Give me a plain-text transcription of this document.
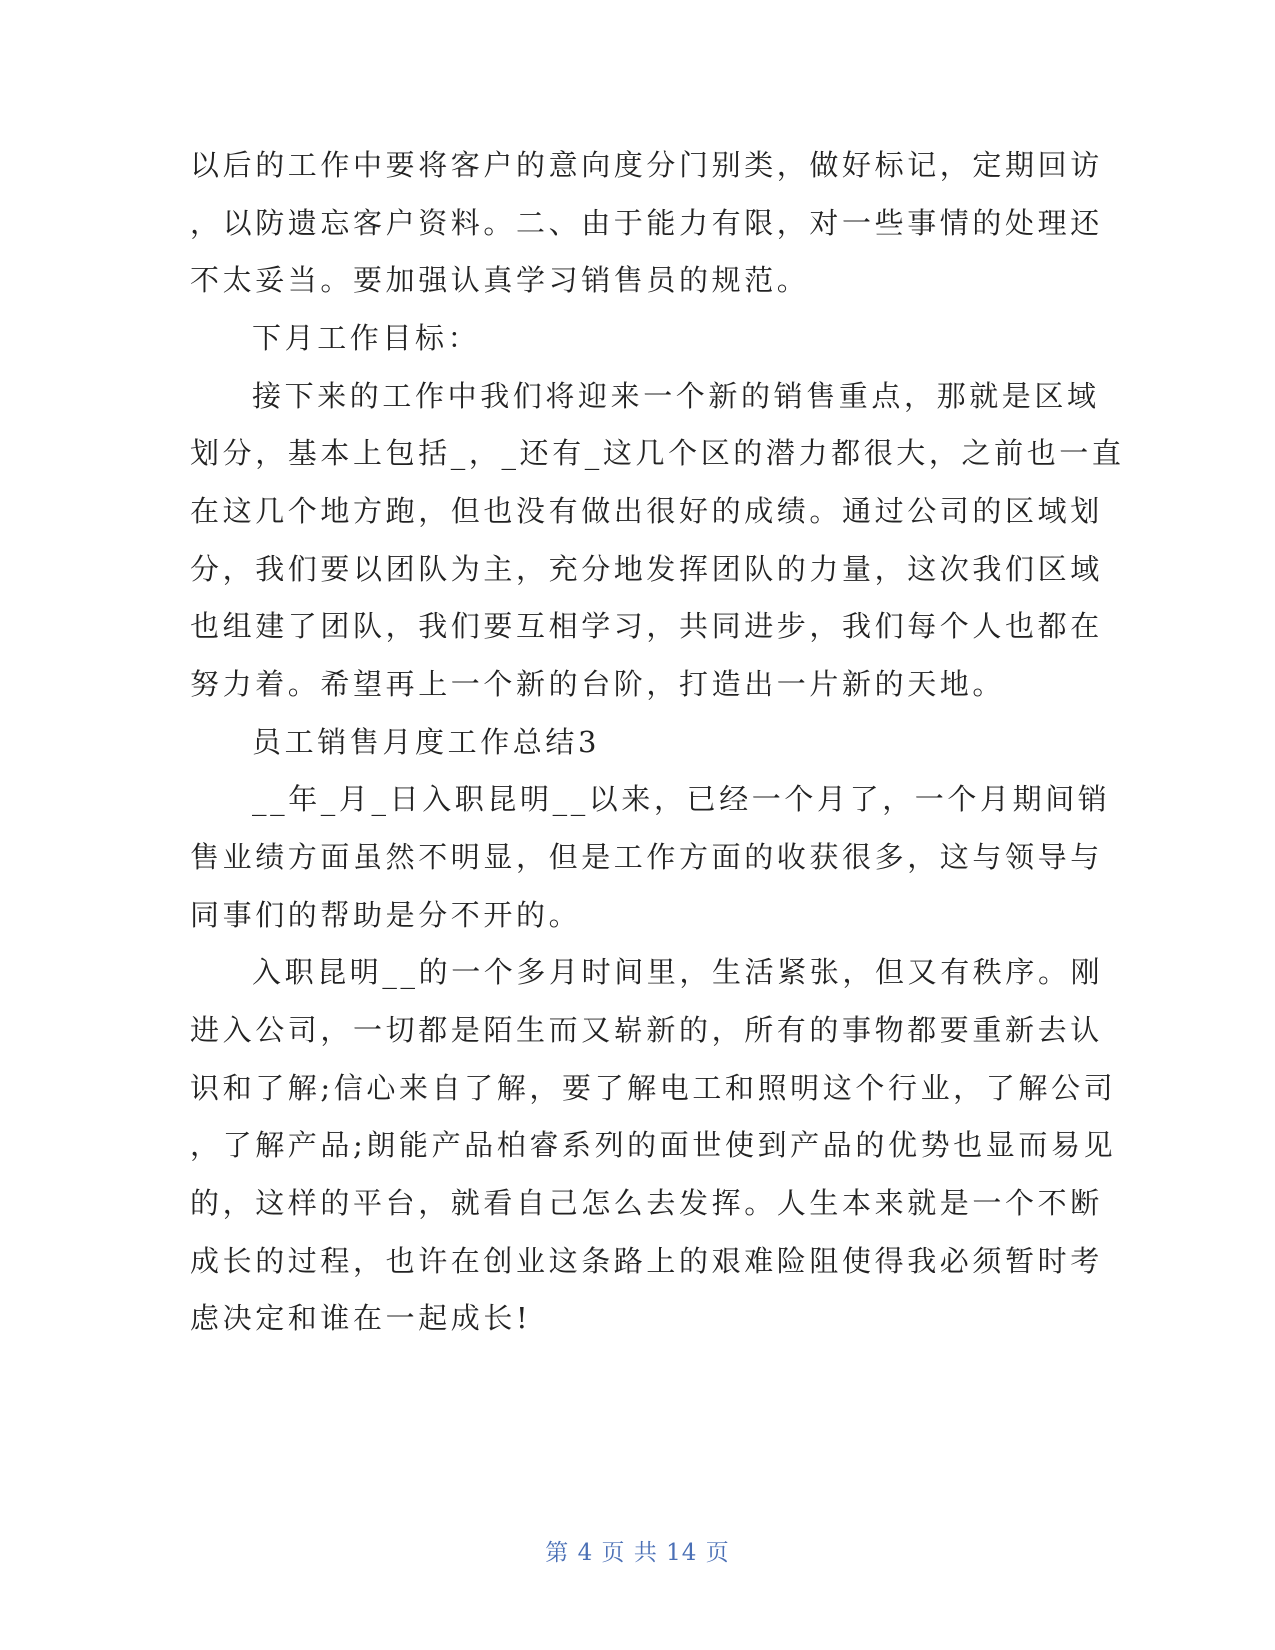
以后的工作中要将客户的意向度分门别类，做好标记，定期回访
，以防遗忘客户资料。二、由于能力有限，对一些事情的处理还
不太妥当。要加强认真学习销售员的规范。
下月工作目标：
接下来的工作中我们将迎来一个新的销售重点，那就是区域
划分，基本上包括_，_还有_这几个区的潜力都很大，之前也一直
在这几个地方跑，但也没有做出很好的成绩。通过公司的区域划
分，我们要以团队为主，充分地发挥团队的力量，这次我们区域
也组建了团队，我们要互相学习，共同进步，我们每个人也都在
努力着。希望再上一个新的台阶，打造出一片新的天地。
员工销售月度工作总结3
__年_月_日入职昆明__以来，已经一个月了，一个月期间销
售业绩方面虽然不明显，但是工作方面的收获很多，这与领导与
同事们的帮助是分不开的。
入职昆明__的一个多月时间里，生活紧张，但又有秩序。刚
进入公司，一切都是陌生而又崭新的，所有的事物都要重新去认
识和了解;信心来自了解，要了解电工和照明这个行业，了解公司
，了解产品;朗能产品柏睿系列的面世使到产品的优势也显而易见
的，这样的平台，就看自己怎么去发挥。人生本来就是一个不断
成长的过程，也许在创业这条路上的艰难险阻使得我必须暂时考
虑决定和谁在一起成长!
第 4 页 共 14 页
